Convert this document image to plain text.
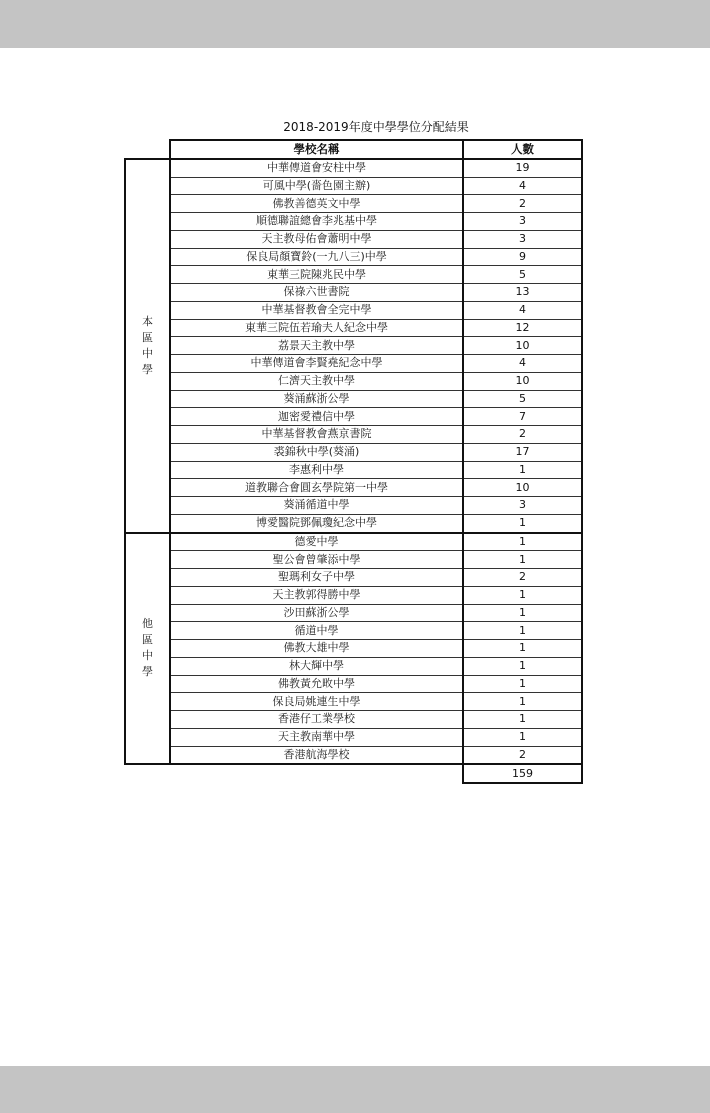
2018-2019年度中學學位分配結果
	學校名稱	人數

本
區
中
學	中華傳道會安柱中學	19
	可風中學(嗇色園主辦)	4
	佛教善德英文中學	2
	順德聯誼總會李兆基中學	3
	天主教母佑會蕭明中學	3
	保良局顏寶鈴(一九八三)中學	9
	東華三院陳兆民中學	5
	保祿六世書院	13
	中華基督教會全完中學	4
	東華三院伍若瑜夫人紀念中學	12
	荔景天主教中學	10
	中華傳道會李賢堯紀念中學	4
	仁濟天主教中學	10
	葵涌蘇浙公學	5
	迦密愛禮信中學	7
	中華基督教會燕京書院	2
	裘錦秋中學(葵涌)	17
	李惠利中學	1
	道教聯合會圓玄學院第一中學	10
	葵涌循道中學	3
	博愛醫院鄧佩瓊紀念中學	1

他
區
中
學	德愛中學	1
	聖公會曾肇添中學	1
	聖瑪利女子中學	2
	天主教郭得勝中學	1
	沙田蘇浙公學	1
	循道中學	1
	佛教大雄中學	1
	林大輝中學	1
	佛教黃允畋中學	1
	保良局姚連生中學	1
	香港仔工業學校	1
	天主教南華中學	1
	香港航海學校	2
		159
